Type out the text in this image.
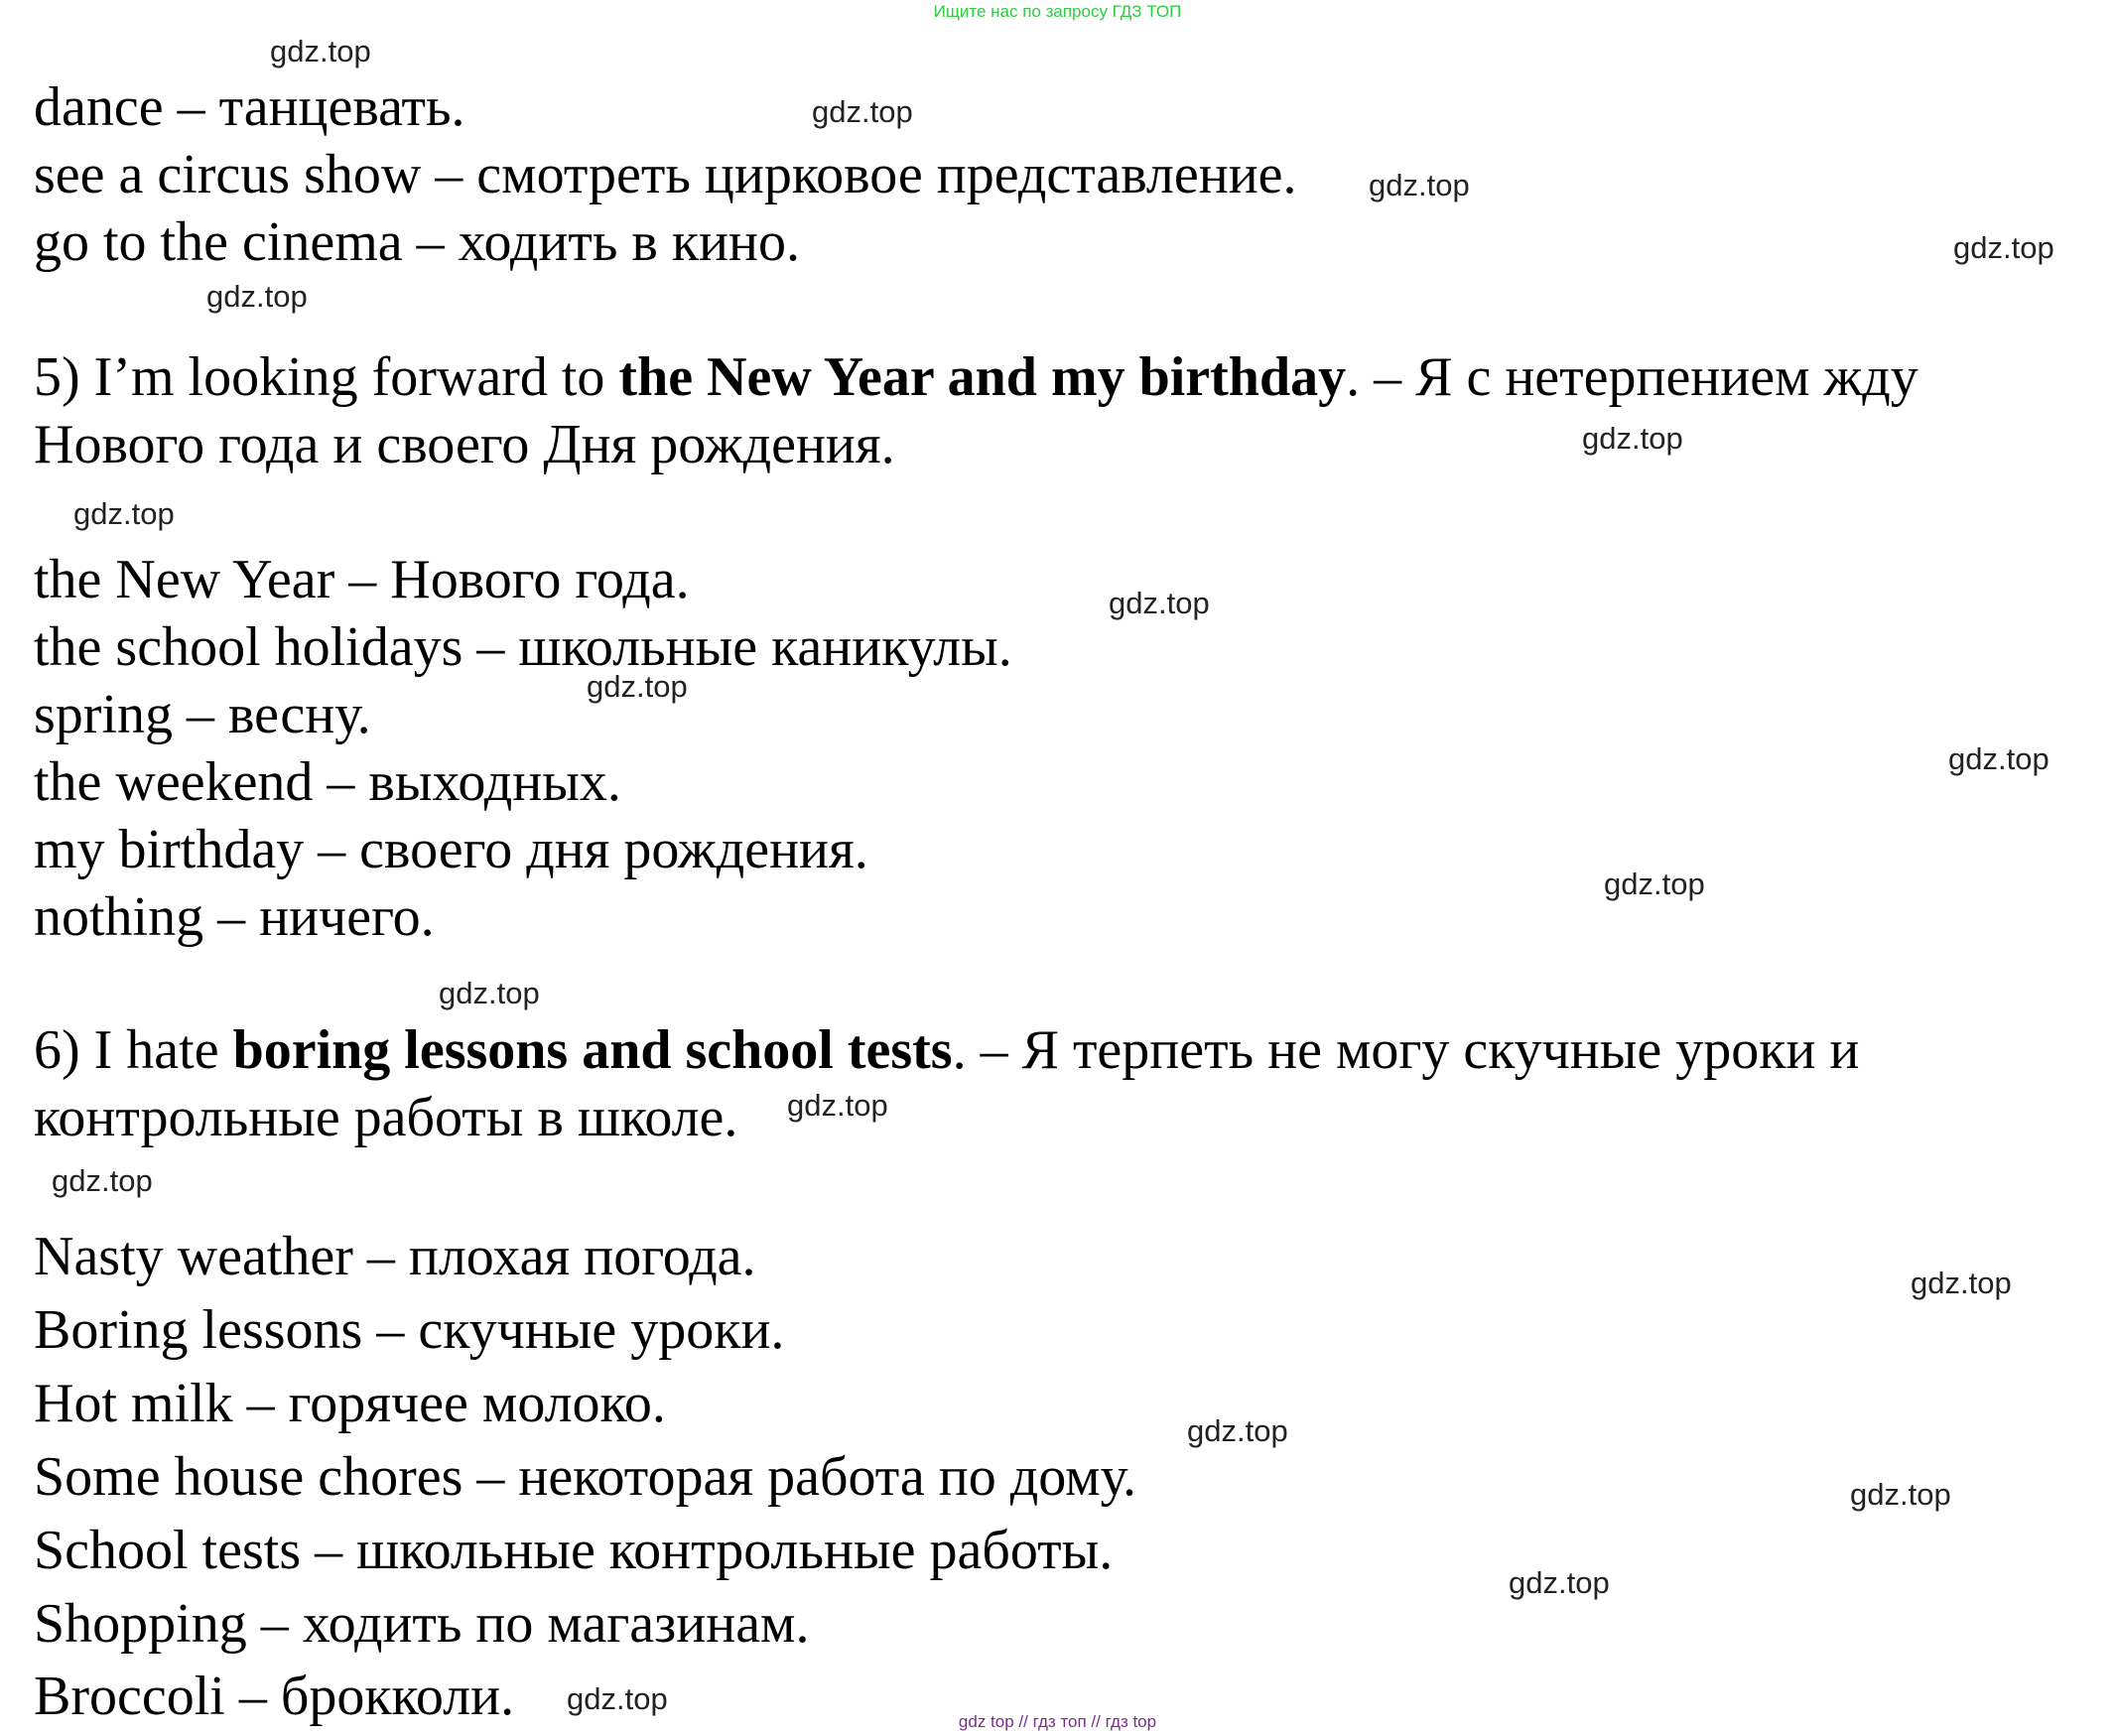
Ищите нас по запросу ГДЗ ТОП

dance – танцевать.

see a circus show – смотреть цирковое представление.

go to the cinema – ходить в кино.

5) I’m looking forward to the New Year and my birthday. – Я с нетерпением жду

Нового года и своего Дня рождения.

the New Year – Нового года.

the school holidays – школьные каникулы.

spring – весну.

the weekend – выходных.

my birthday – своего дня рождения.

nothing – ничего.

6) I hate boring lessons and school tests. – Я терпеть не могу скучные уроки и

контрольные работы в школе.

Nasty weather – плохая погода.

Boring lessons – скучные уроки.

Hot milk – горячее молоко.

Some house chores – некоторая работа по дому.

School tests – школьные контрольные работы.

Shopping – ходить по магазинам.

Broccoli – брокколи.

gdz.top
gdz.top
gdz.top
gdz.top
gdz.top
gdz.top
gdz.top
gdz.top
gdz.top
gdz.top
gdz.top
gdz.top
gdz.top
gdz.top
gdz.top
gdz.top
gdz.top
gdz.top
gdz.top
gdz top // гдз топ // гдз top
